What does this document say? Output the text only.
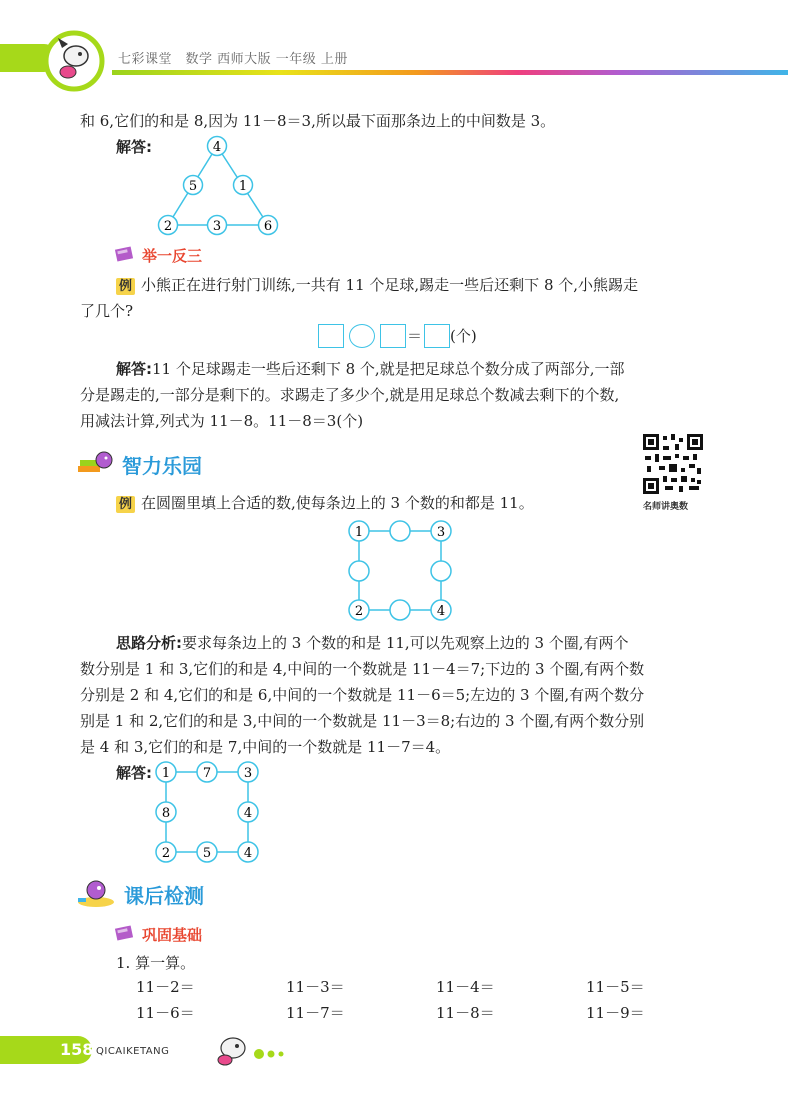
七彩课堂　数学 西师大版 一年级 上册
和 6,它们的和是 8,因为 11－8＝3,所以最下面那条边上的中间数是 3。
解答:	4
5	1
2	3	6
举一反三
例 小熊正在进行射门训练,一共有 11 个足球,踢走一些后还剩下 8 个,小熊踢走
了几个?
＝ (个)
解答:11 个足球踢走一些后还剩下 8 个,就是把足球总个数分成了两部分,一部
分是踢走的,一部分是剩下的。求踢走了多少个,就是用足球总个数减去剩下的个数,
用减法计算,列式为 11－8。11－8＝3(个)
智力乐园
名师讲奥数
例 在圆圈里填上合适的数,使每条边上的 3 个数的和都是 11。
1	3
2	4
思路分析:要求每条边上的 3 个数的和是 11,可以先观察上边的 3 个圈,有两个
数分别是 1 和 3,它们的和是 4,中间的一个数就是 11－4＝7;下边的 3 个圈,有两个数
分别是 2 和 4,它们的和是 6,中间的一个数就是 11－6＝5;左边的 3 个圈,有两个数分
别是 1 和 2,它们的和是 3,中间的一个数就是 11－3＝8;右边的 3 个圈,有两个数分别
是 4 和 3,它们的和是 7,中间的一个数就是 11－7＝4。
解答: 1	7	3
8	4
2	5	4
课后检测
巩固基础
1. 算一算。
11－2＝	11－3＝	11－4＝	11－5＝
11－6＝	11－7＝	11－8＝	11－9＝
158 QICAIKETANG
